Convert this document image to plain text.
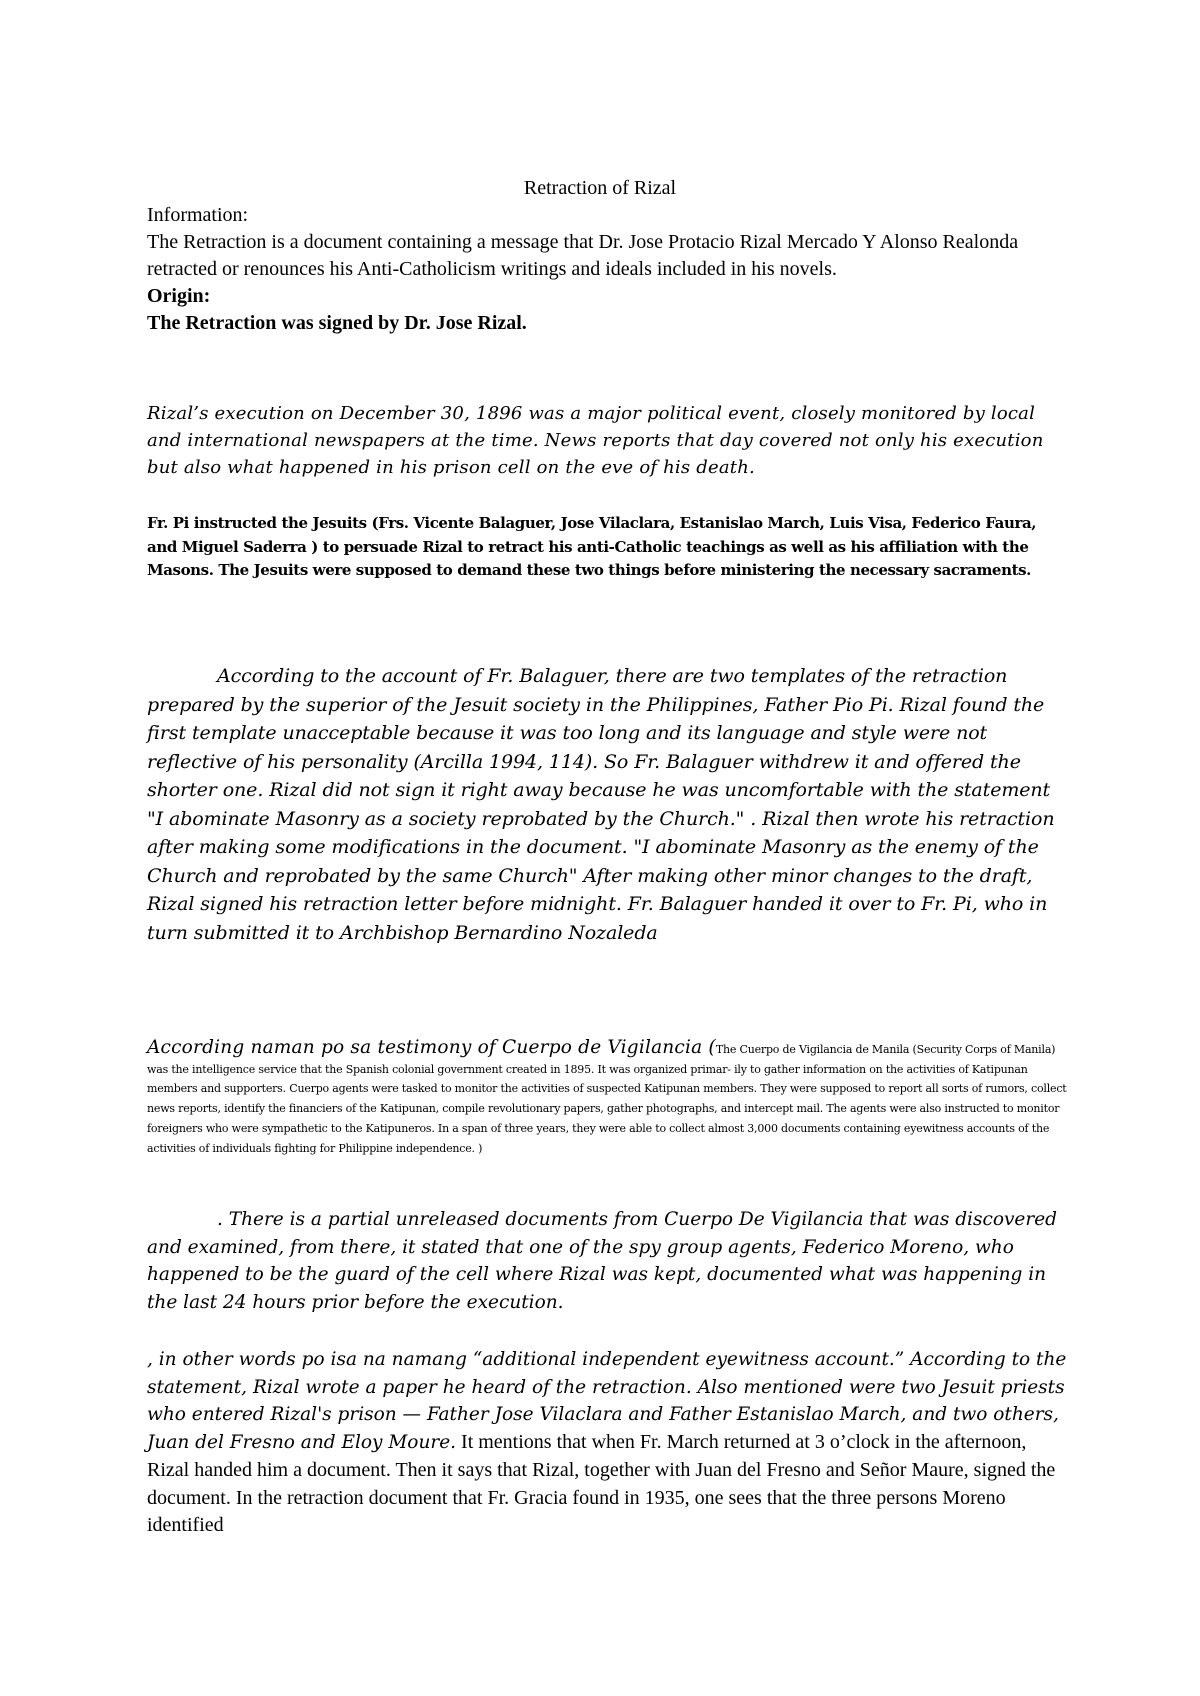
Retraction of Rizal

Information:

The Retraction is a document containing a message that Dr. Jose Protacio Rizal Mercado Y Alonso Realonda retracted or renounces his Anti-Catholicism writings and ideals included in his novels.

Origin:

The Retraction was signed by Dr. Jose Rizal.

Rizal’s execution on December 30, 1896 was a major political event, closely monitored by local and international newspapers at the time. News reports that day covered not only his execution but also what happened in his prison cell on the eve of his death.

Fr. Pi instructed the Jesuits (Frs. Vicente Balaguer, Jose Vilaclara, Estanislao March, Luis Visa, Federico Faura, and Miguel Saderra ) to persuade Rizal to retract his anti-Catholic teachings as well as his affiliation with the Masons. The Jesuits were supposed to demand these two things before ministering the necessary sacraments.

According to the account of Fr. Balaguer, there are two templates of the retraction prepared by the superior of the Jesuit society in the Philippines, Father Pio Pi. Rizal found the first template unacceptable because it was too long and its language and style were not reflective of his personality (Arcilla 1994, 114). So Fr. Balaguer withdrew it and offered the shorter one. Rizal did not sign it right away because he was uncomfortable with the statement "I abominate Masonry as a society reprobated by the Church." . Rizal then wrote his retraction after making some modifications in the document. "I abominate Masonry as the enemy of the Church and reprobated by the same Church" After making other minor changes to the draft, Rizal signed his retraction letter before midnight. Fr. Balaguer handed it over to Fr. Pi, who in turn submitted it to Archbishop Bernardino Nozaleda

According naman po sa testimony of Cuerpo de Vigilancia (The Cuerpo de Vigilancia de Manila (Security Corps of Manila) was the intelligence service that the Spanish colonial government created in 1895. It was organized primar- ily to gather information on the activities of Katipunan members and supporters. Cuerpo agents were tasked to monitor the activities of suspected Katipunan members. They were supposed to report all sorts of rumors, collect news reports, identify the financiers of the Katipunan, compile revolutionary papers, gather photographs, and intercept mail. The agents were also instructed to monitor foreigners who were sympathetic to the Katipuneros. In a span of three years, they were able to collect almost 3,000 documents containing eyewitness accounts of the activities of individuals fighting for Philippine independence. )

. There is a partial unreleased documents from Cuerpo De Vigilancia that was discovered and examined, from there, it stated that one of the spy group agents, Federico Moreno, who happened to be the guard of the cell where Rizal was kept, documented what was happening in the last 24 hours prior before the execution.

, in other words po isa na namang “additional independent eyewitness account.” According to the statement, Rizal wrote a paper he heard of the retraction. Also mentioned were two Jesuit priests who entered Rizal's prison — Father Jose Vilaclara and Father Estanislao March, and two others, Juan del Fresno and Eloy Moure. It mentions that when Fr. March returned at 3 o’clock in the afternoon, Rizal handed him a document. Then it says that Rizal, together with Juan del Fresno and Señor Maure, signed the document. In the retraction document that Fr. Gracia found in 1935, one sees that the three persons Moreno identified
